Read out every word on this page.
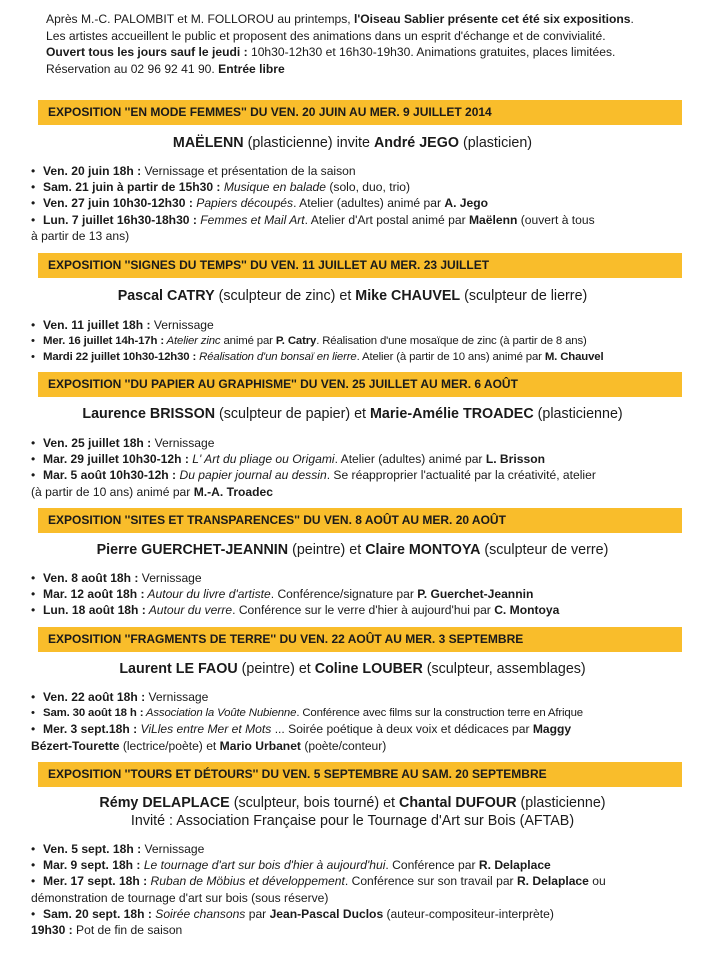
Après M.-C. PALOMBIT et M. FOLLOROU au printemps, l'Oiseau Sablier présente cet été six expositions.

Les artistes accueillent le public et proposent des animations dans un esprit d'échange et de convivialité.

Ouvert tous les jours sauf le jeudi : 10h30-12h30 et 16h30-19h30. Animations gratuites, places limitées.

Réservation au 02 96 92 41 90. Entrée libre

EXPOSITION ''EN MODE FEMMES'' DU VEN. 20 JUIN AU MER. 9 JUILLET 2014
MAËLENN (plasticienne) invite André JEGO (plasticien)
• Ven. 20 juin 18h : Vernissage et présentation de la saison
• Sam. 21 juin à partir de 15h30 : Musique en balade (solo, duo, trio)
• Ven. 27 juin 10h30-12h30 : Papiers découpés. Atelier (adultes) animé par A. Jego
• Lun. 7 juillet 16h30-18h30 : Femmes et Mail Art. Atelier d'Art postal animé par Maëlenn (ouvert à tous
à partir de 13 ans)
EXPOSITION ''SIGNES DU TEMPS'' DU VEN. 11 JUILLET AU MER. 23 JUILLET
Pascal CATRY (sculpteur de zinc) et Mike CHAUVEL (sculpteur de lierre)
• Ven. 11 juillet 18h : Vernissage
• Mer. 16 juillet 14h-17h : Atelier zinc animé par P. Catry. Réalisation d'une mosaïque de zinc (à partir de 8 ans)
• Mardi 22 juillet 10h30-12h30 : Réalisation d'un bonsaï en lierre. Atelier (à partir de 10 ans) animé par M. Chauvel
EXPOSITION ''DU PAPIER AU GRAPHISME'' DU VEN. 25 JUILLET AU MER. 6 AOÛT
Laurence BRISSON (sculpteur de papier) et Marie-Amélie TROADEC (plasticienne)
• Ven. 25 juillet 18h : Vernissage
• Mar. 29 juillet 10h30-12h : L' Art du pliage ou Origami. Atelier (adultes) animé par L. Brisson
• Mar. 5 août 10h30-12h : Du papier journal au dessin. Se réapproprier l'actualité par la créativité, atelier
(à partir de 10 ans) animé par M.-A. Troadec
EXPOSITION ''SITES ET TRANSPARENCES'' DU VEN. 8 AOÛT AU MER. 20 AOÛT
Pierre GUERCHET-JEANNIN (peintre) et Claire MONTOYA (sculpteur de verre)
• Ven. 8 août 18h : Vernissage
• Mar. 12 août 18h : Autour du livre d'artiste. Conférence/signature par P. Guerchet-Jeannin
• Lun. 18 août 18h : Autour du verre. Conférence sur le verre d'hier à aujourd'hui par C. Montoya
EXPOSITION ''FRAGMENTS DE TERRE'' DU VEN. 22 AOÛT AU MER. 3 SEPTEMBRE
Laurent LE FAOU (peintre) et Coline LOUBER (sculpteur, assemblages)
• Ven. 22 août 18h : Vernissage
• Sam. 30 août 18 h : Association la Voûte Nubienne. Conférence avec films sur la construction terre en Afrique
• Mer. 3 sept.18h : ViLles entre Mer et Mots ... Soirée poétique à deux voix et dédicaces par Maggy
Bézert-Tourette (lectrice/poète) et Mario Urbanet (poète/conteur)
EXPOSITION ''TOURS ET DÉTOURS'' DU VEN. 5 SEPTEMBRE AU SAM. 20 SEPTEMBRE
Rémy DELAPLACE (sculpteur, bois tourné) et Chantal DUFOUR (plasticienne)
Invité : Association Française pour le Tournage d'Art sur Bois (AFTAB)
• Ven. 5 sept. 18h : Vernissage
• Mar. 9 sept. 18h : Le tournage d'art sur bois d'hier à aujourd'hui. Conférence par R. Delaplace
• Mer. 17 sept. 18h : Ruban de Möbius et développement. Conférence sur son travail par R. Delaplace ou
démonstration de tournage d'art sur bois (sous réserve)
• Sam. 20 sept. 18h : Soirée chansons par Jean-Pascal Duclos (auteur-compositeur-interprète)
19h30 : Pot de fin de saison
